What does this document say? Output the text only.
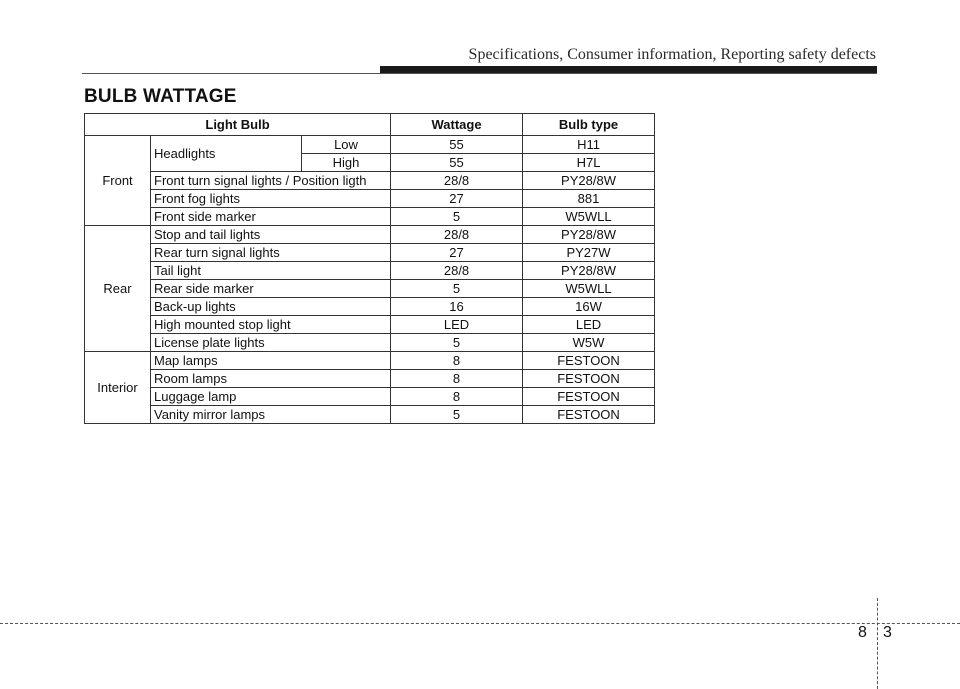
Specifications, Consumer information, Reporting safety defects
BULB WATTAGE
Light Bulb			Wattage	Bulb type
Front	Headlights	Low	55	H11
		High	55	H7L
	Front turn signal lights / Position ligth		28/8	PY28/8W
	Front fog lights		27	881
	Front side marker		5	W5WLL
Rear	Stop and tail lights		28/8	PY28/8W
	Rear turn signal lights		27	PY27W
	Tail light		28/8	PY28/8W
	Rear side marker		5	W5WLL
	Back-up lights		16	16W
	High mounted stop light		LED	LED
	License plate lights		5	W5W
Interior	Map lamps		8	FESTOON
	Room lamps		8	FESTOON
	Luggage lamp		8	FESTOON
	Vanity mirror lamps		5	FESTOON
8 3
